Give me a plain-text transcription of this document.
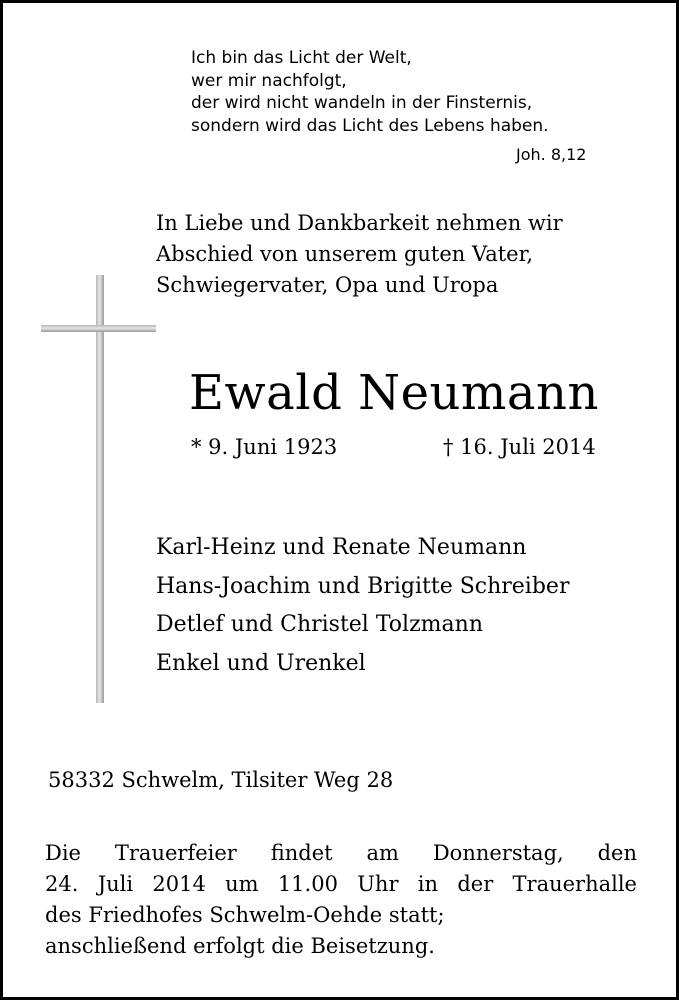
Ich bin das Licht der Welt,
wer mir nachfolgt,
der wird nicht wandeln in der Finsternis,
sondern wird das Licht des Lebens haben.
Joh. 8,12
In Liebe und Dankbarkeit nehmen wir
Abschied von unserem guten Vater,
Schwiegervater, Opa und Uropa
Ewald Neumann
* 9. Juni 1923	† 16. Juli 2014
Karl-Heinz und Renate Neumann
Hans-Joachim und Brigitte Schreiber
Detlef und Christel Tolzmann
Enkel und Urenkel
58332 Schwelm, Tilsiter Weg 28
Die Trauerfeier findet am Donnerstag, den
24. Juli 2014 um 11.00 Uhr in der Trauerhalle
des Friedhofes Schwelm-Oehde statt;
anschließend erfolgt die Beisetzung.
